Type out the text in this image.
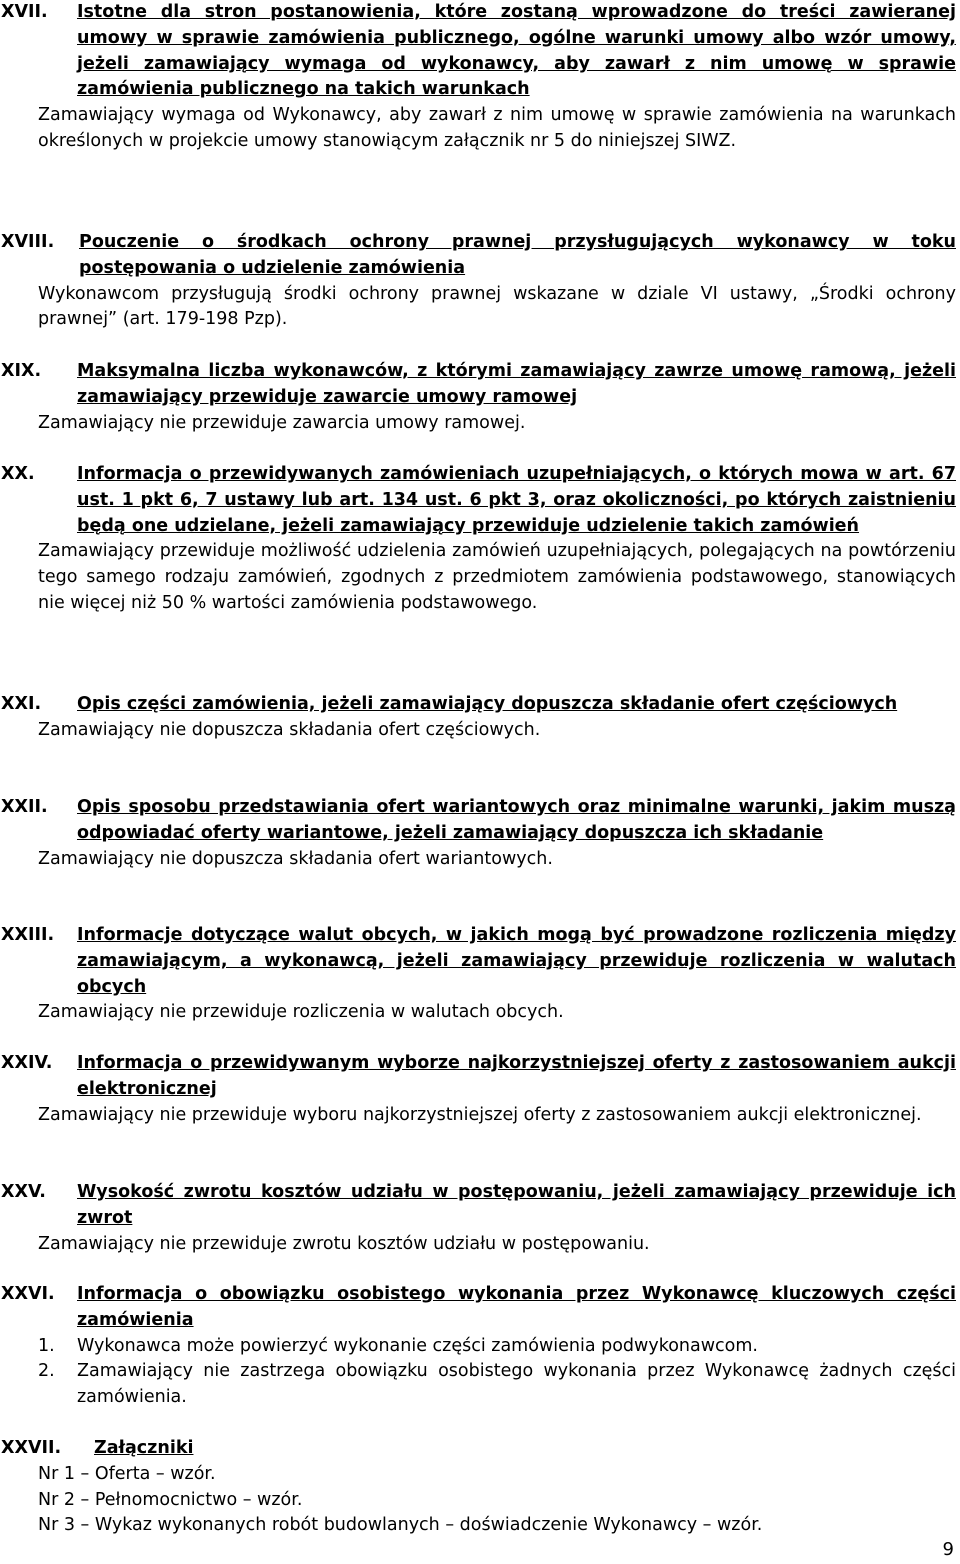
XVII. Istotne dla stron postanowienia, które zostaną wprowadzone do treści zawieranej umowy w sprawie zamówienia publicznego, ogólne warunki umowy albo wzór umowy, jeżeli zamawiający wymaga od wykonawcy, aby zawarł z nim umowę w sprawie zamówienia publicznego na takich warunkach
Zamawiający wymaga od Wykonawcy, aby zawarł z nim umowę w sprawie zamówienia na warunkach określonych w projekcie umowy stanowiącym załącznik nr 5 do niniejszej SIWZ.
XVIII. Pouczenie o środkach ochrony prawnej przysługujących wykonawcy w toku postępowania o udzielenie zamówienia
Wykonawcom przysługują środki ochrony prawnej wskazane w dziale VI ustawy, „Środki ochrony prawnej” (art. 179-198 Pzp).
XIX. Maksymalna liczba wykonawców, z którymi zamawiający zawrze umowę ramową, jeżeli zamawiający przewiduje zawarcie umowy ramowej
Zamawiający nie przewiduje zawarcia umowy ramowej.
XX. Informacja o przewidywanych zamówieniach uzupełniających, o których mowa w art. 67 ust. 1 pkt 6, 7 ustawy lub art. 134 ust. 6 pkt 3, oraz okoliczności, po których zaistnieniu będą one udzielane, jeżeli zamawiający przewiduje udzielenie takich zamówień
Zamawiający przewiduje możliwość udzielenia zamówień uzupełniających, polegających na powtórzeniu tego samego rodzaju zamówień, zgodnych z przedmiotem zamówienia podstawowego, stanowiących nie więcej niż 50 % wartości zamówienia podstawowego.
XXI. Opis części zamówienia, jeżeli zamawiający dopuszcza składanie ofert częściowych
Zamawiający nie dopuszcza składania ofert częściowych.
XXII. Opis sposobu przedstawiania ofert wariantowych oraz minimalne warunki, jakim muszą odpowiadać oferty wariantowe, jeżeli zamawiający dopuszcza ich składanie
Zamawiający nie dopuszcza składania ofert wariantowych.
XXIII. Informacje dotyczące walut obcych, w jakich mogą być prowadzone rozliczenia między zamawiającym, a wykonawcą, jeżeli zamawiający przewiduje rozliczenia w walutach obcych
Zamawiający nie przewiduje rozliczenia w walutach obcych.
XXIV. Informacja o przewidywanym wyborze najkorzystniejszej oferty z zastosowaniem aukcji elektronicznej
Zamawiający nie przewiduje wyboru najkorzystniejszej oferty z zastosowaniem aukcji elektronicznej.
XXV. Wysokość zwrotu kosztów udziału w postępowaniu, jeżeli zamawiający przewiduje ich zwrot
Zamawiający nie przewiduje zwrotu kosztów udziału w postępowaniu.
XXVI. Informacja o obowiązku osobistego wykonania przez Wykonawcę kluczowych części zamówienia
1. Wykonawca może powierzyć wykonanie części zamówienia podwykonawcom.
2. Zamawiający nie zastrzega obowiązku osobistego wykonania przez Wykonawcę żadnych części zamówienia.
XXVII. Załączniki
Nr 1 – Oferta – wzór.
Nr 2 – Pełnomocnictwo – wzór.
Nr 3 – Wykaz wykonanych robót budowlanych – doświadczenie Wykonawcy – wzór.
9
